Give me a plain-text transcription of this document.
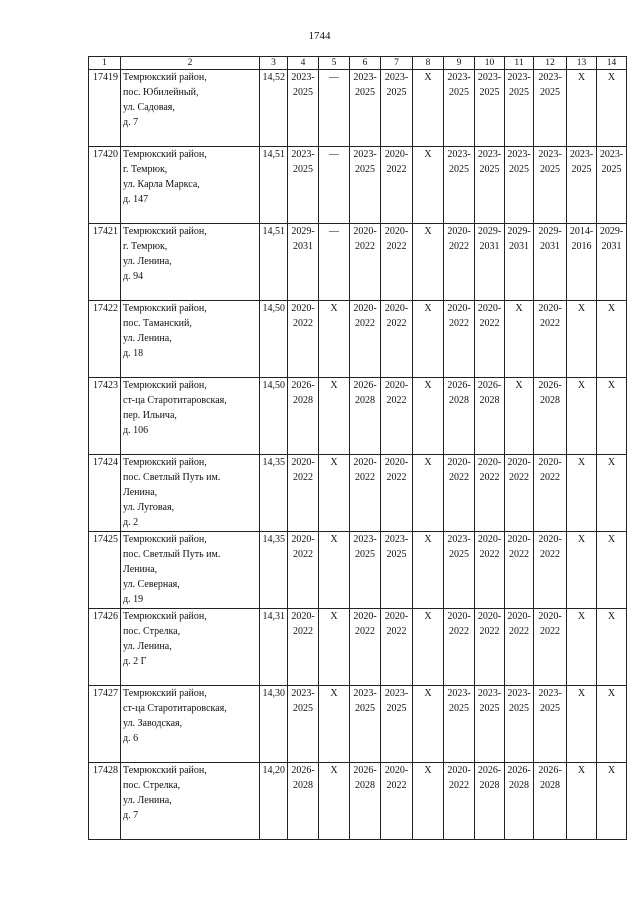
1744
1	2	3	4	5	6	7	8	9	10	11	12	13	14
17419	Темрюкский район,
пос. Юбилейный,
ул. Садовая,
д. 7	14,52	2023-
2025	—	2023-
2025	2023-
2025	X	2023-
2025	2023-
2025	2023-
2025	2023-
2025	X	X

17420	Темрюкский район,
г. Темрюк,
ул. Карла Маркса,
д. 147	14,51	2023-
2025	—	2023-
2025	2020-
2022	X	2023-
2025	2023-
2025	2023-
2025	2023-
2025	2023-
2025	2023-
2025

17421	Темрюкский район,
г. Темрюк,
ул. Ленина,
д. 94	14,51	2029-
2031	—	2020-
2022	2020-
2022	X	2020-
2022	2029-
2031	2029-
2031	2029-
2031	2014-
2016	2029-
2031

17422	Темрюкский район,
пос. Таманский,
ул. Ленина,
д. 18	14,50	2020-
2022	X	2020-
2022	2020-
2022	X	2020-
2022	2020-
2022	X	2020-
2022	X	X

17423	Темрюкский район,
ст-ца Старотитаровская,
пер. Ильича,
д. 106	14,50	2026-
2028	X	2026-
2028	2020-
2022	X	2026-
2028	2026-
2028	X	2026-
2028	X	X

17424	Темрюкский район,
пос. Светлый Путь им.
Ленина,
ул. Луговая,
д. 2	14,35	2020-
2022	X	2020-
2022	2020-
2022	X	2020-
2022	2020-
2022	2020-
2022	2020-
2022	X	X

17425	Темрюкский район,
пос. Светлый Путь им.
Ленина,
ул. Северная,
д. 19	14,35	2020-
2022	X	2023-
2025	2023-
2025	X	2023-
2025	2020-
2022	2020-
2022	2020-
2022	X	X

17426	Темрюкский район,
пос. Стрелка,
ул. Ленина,
д. 2 Г	14,31	2020-
2022	X	2020-
2022	2020-
2022	X	2020-
2022	2020-
2022	2020-
2022	2020-
2022	X	X

17427	Темрюкский район,
ст-ца Старотитаровская,
ул. Заводская,
д. 6	14,30	2023-
2025	X	2023-
2025	2023-
2025	X	2023-
2025	2023-
2025	2023-
2025	2023-
2025	X	X

17428	Темрюкский район,
пос. Стрелка,
ул. Ленина,
д. 7	14,20	2026-
2028	X	2026-
2028	2020-
2022	X	2020-
2022	2026-
2028	2026-
2028	2026-
2028	X	X
